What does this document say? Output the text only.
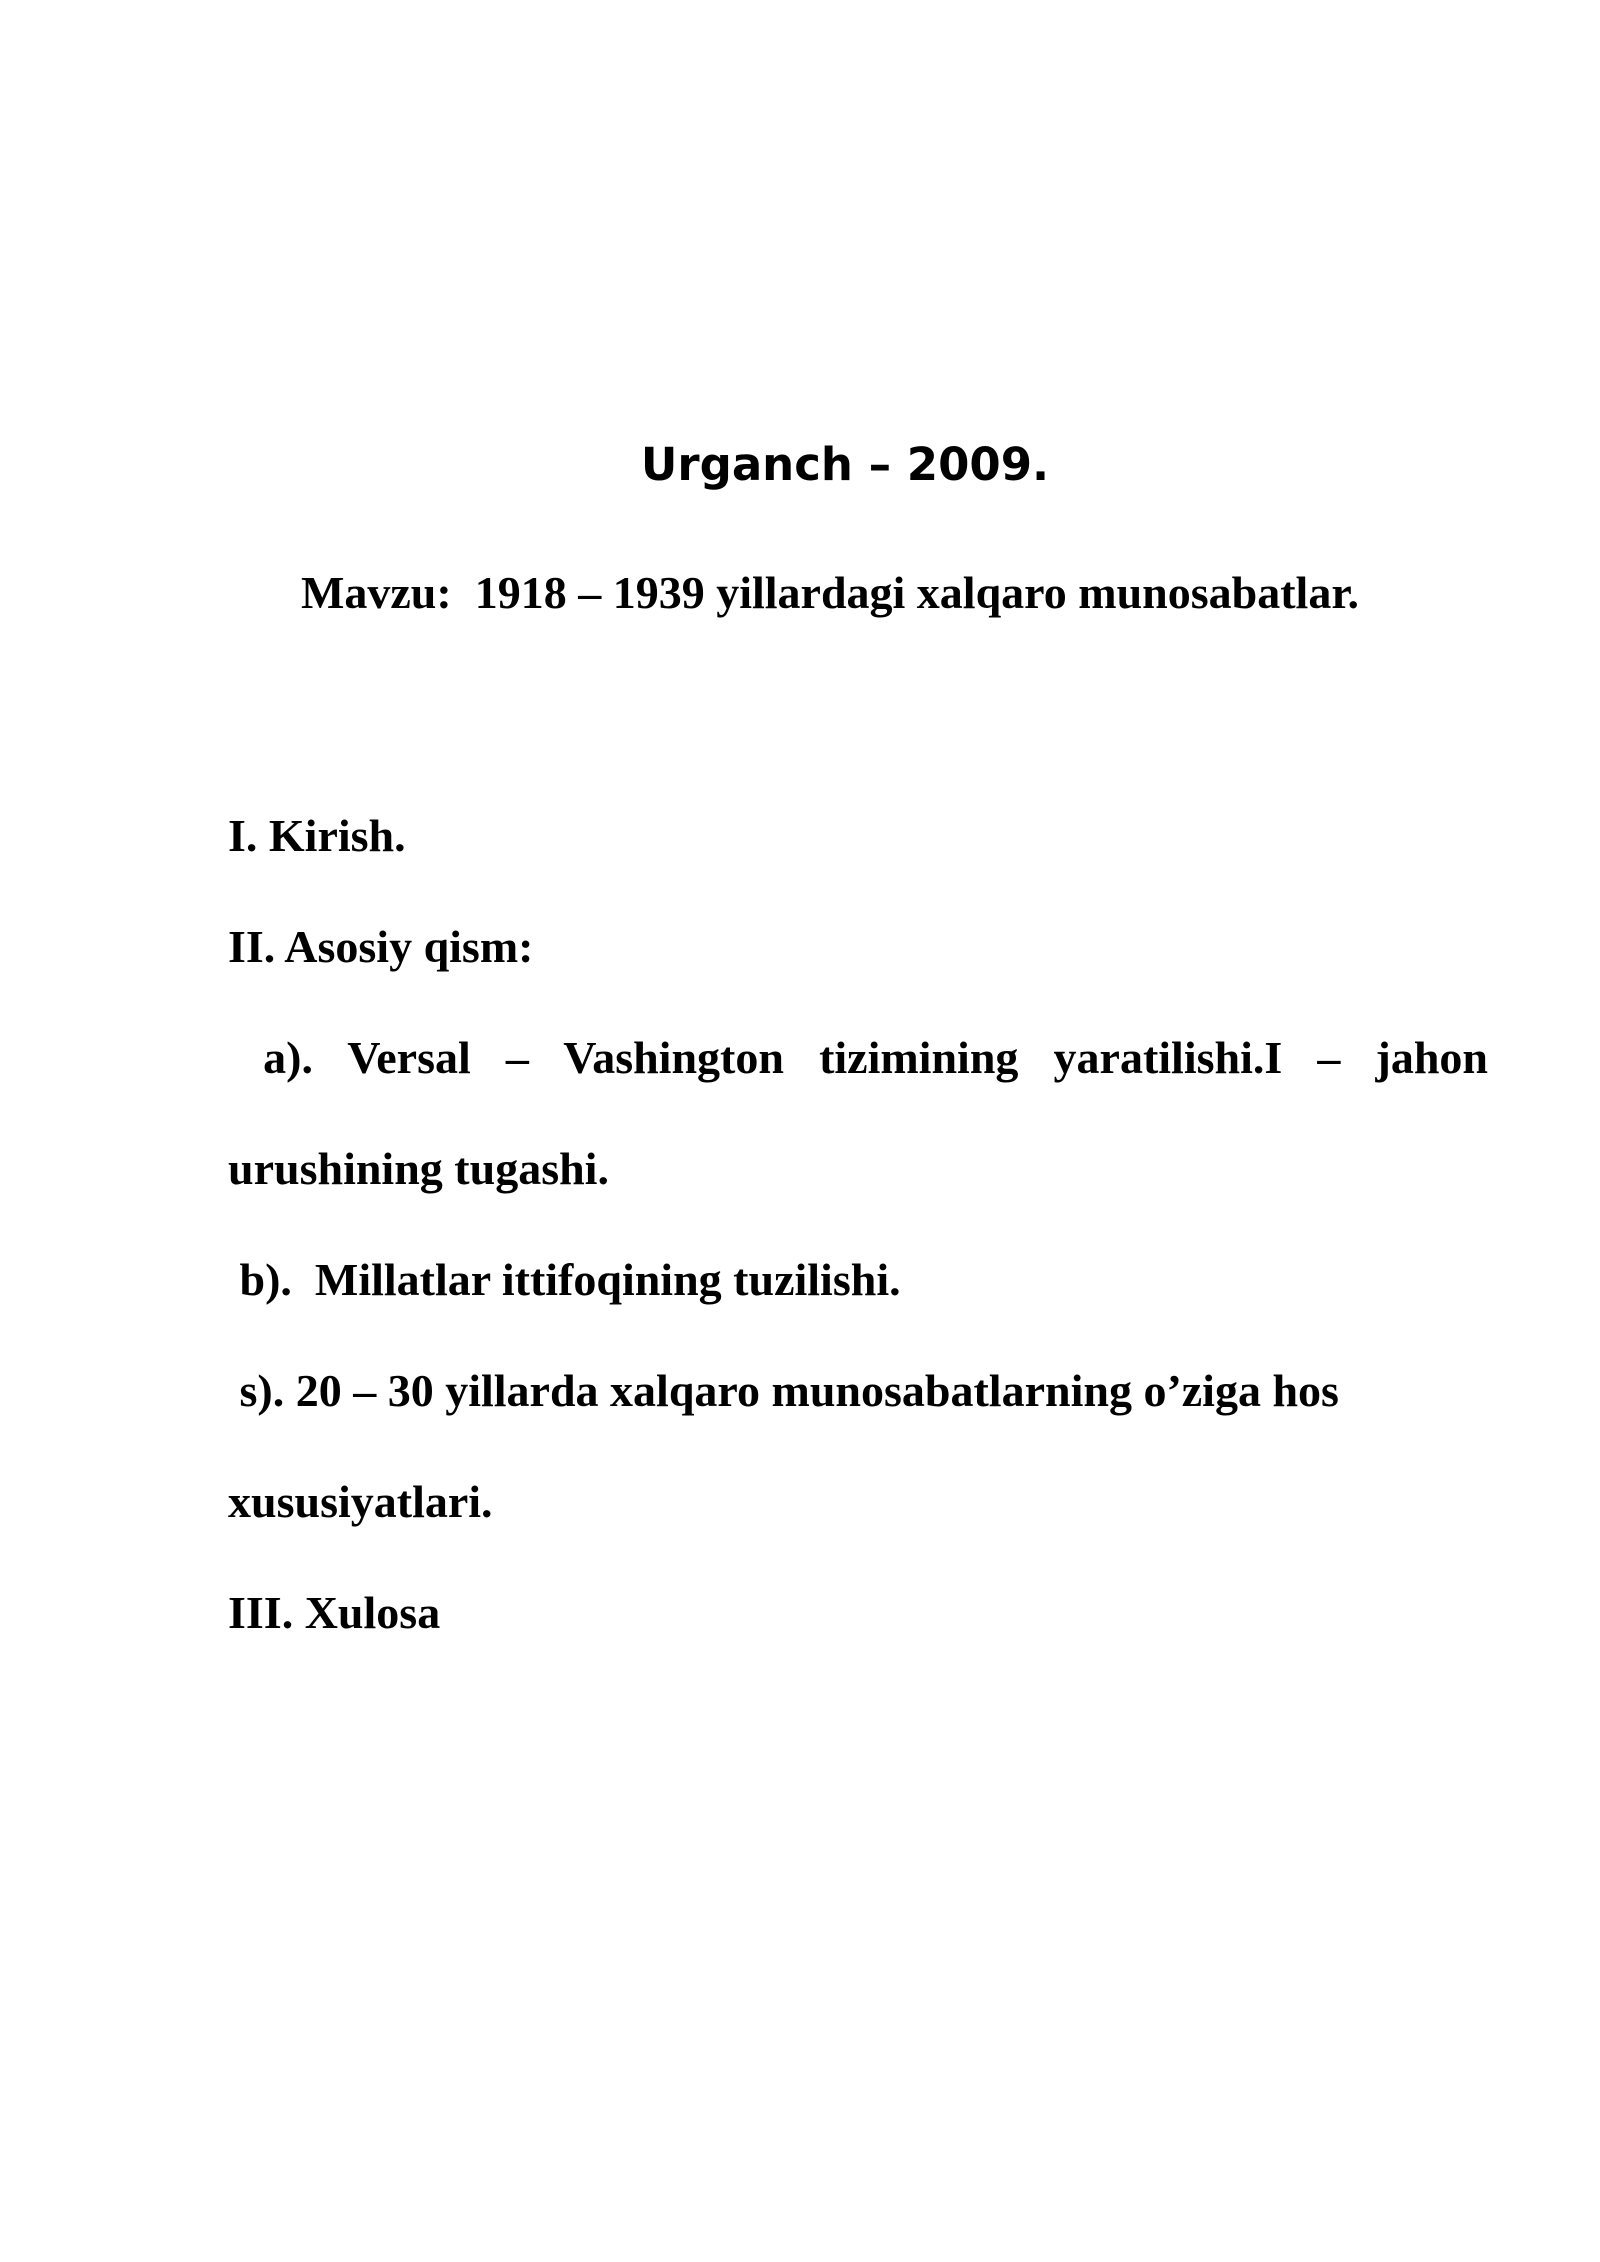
Urganch – 2009.
Mavzu:  1918 – 1939 yillardagi xalqaro munosabatlar.

I. Kirish.

II. Asosiy qism:

a).  Versal  –  Vashington  tizimining  yaratilishi.I  –  jahon

urushining tugashi.

b).  Millatlar ittifoqining tuzilishi.

s). 20 – 30 yillarda xalqaro munosabatlarning o’ziga hos

xususiyatlari.

III. Xulosa
